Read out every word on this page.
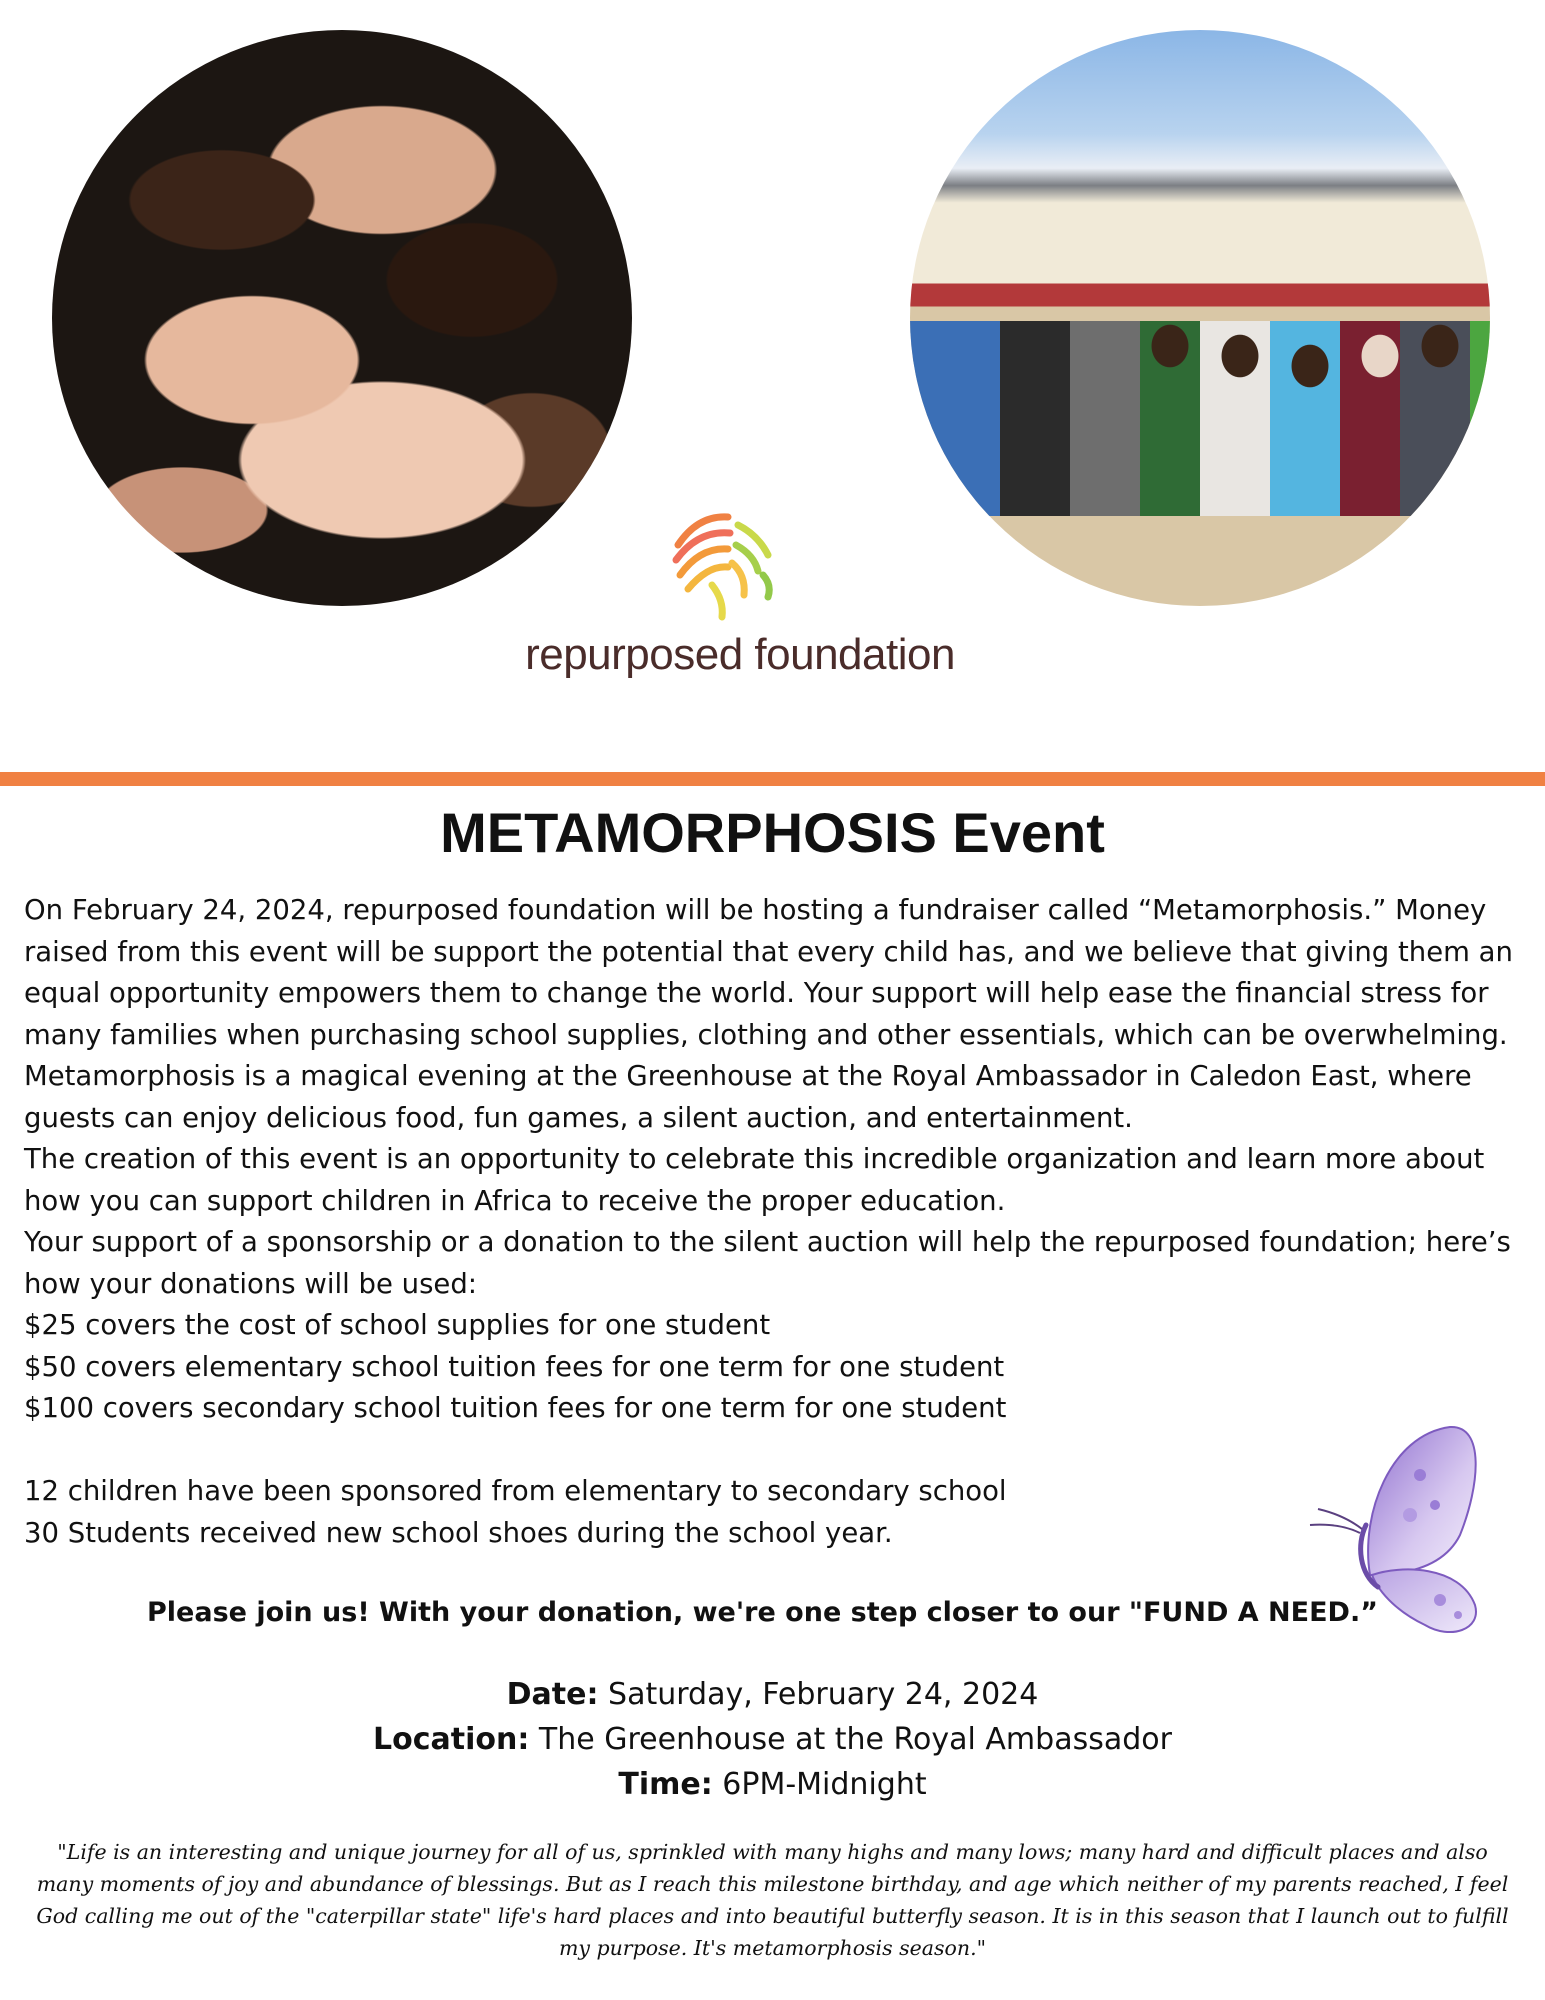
repurposed foundation
METAMORPHOSIS Event

On February 24, 2024, repurposed foundation will be hosting a fundraiser called “Metamorphosis.” Money raised from this event will be support the potential that every child has, and we believe that giving them an equal opportunity empowers them to change the world. Your support will help ease the financial stress for many families when purchasing school supplies, clothing and other essentials, which can be overwhelming.

Metamorphosis is a magical evening at the Greenhouse at the Royal Ambassador in Caledon East, where guests can enjoy delicious food, fun games, a silent auction, and entertainment.

The creation of this event is an opportunity to celebrate this incredible organization and learn more about how you can support children in Africa to receive the proper education.

Your support of a sponsorship or a donation to the silent auction will help the repurposed foundation; here’s how your donations will be used:

$25 covers the cost of school supplies for one student

$50 covers elementary school tuition fees for one term for one student

$100 covers secondary school tuition fees for one term for one student

12 children have been sponsored from elementary to secondary school

30 Students received new school shoes during the school year.

Please join us! With your donation, we're one step closer to our "FUND A NEED.”

Date: Saturday, February 24, 2024

Location: The Greenhouse at the Royal Ambassador

Time: 6PM-Midnight

"Life is an interesting and unique journey for all of us, sprinkled with many highs and many lows; many hard and difficult places and also many moments of joy and abundance of blessings. But as I reach this milestone birthday, and age which neither of my parents reached, I feel God calling me out of the "caterpillar state" life's hard places and into beautiful butterfly season. It is in this season that I launch out to fulfill my purpose. It's metamorphosis season."
